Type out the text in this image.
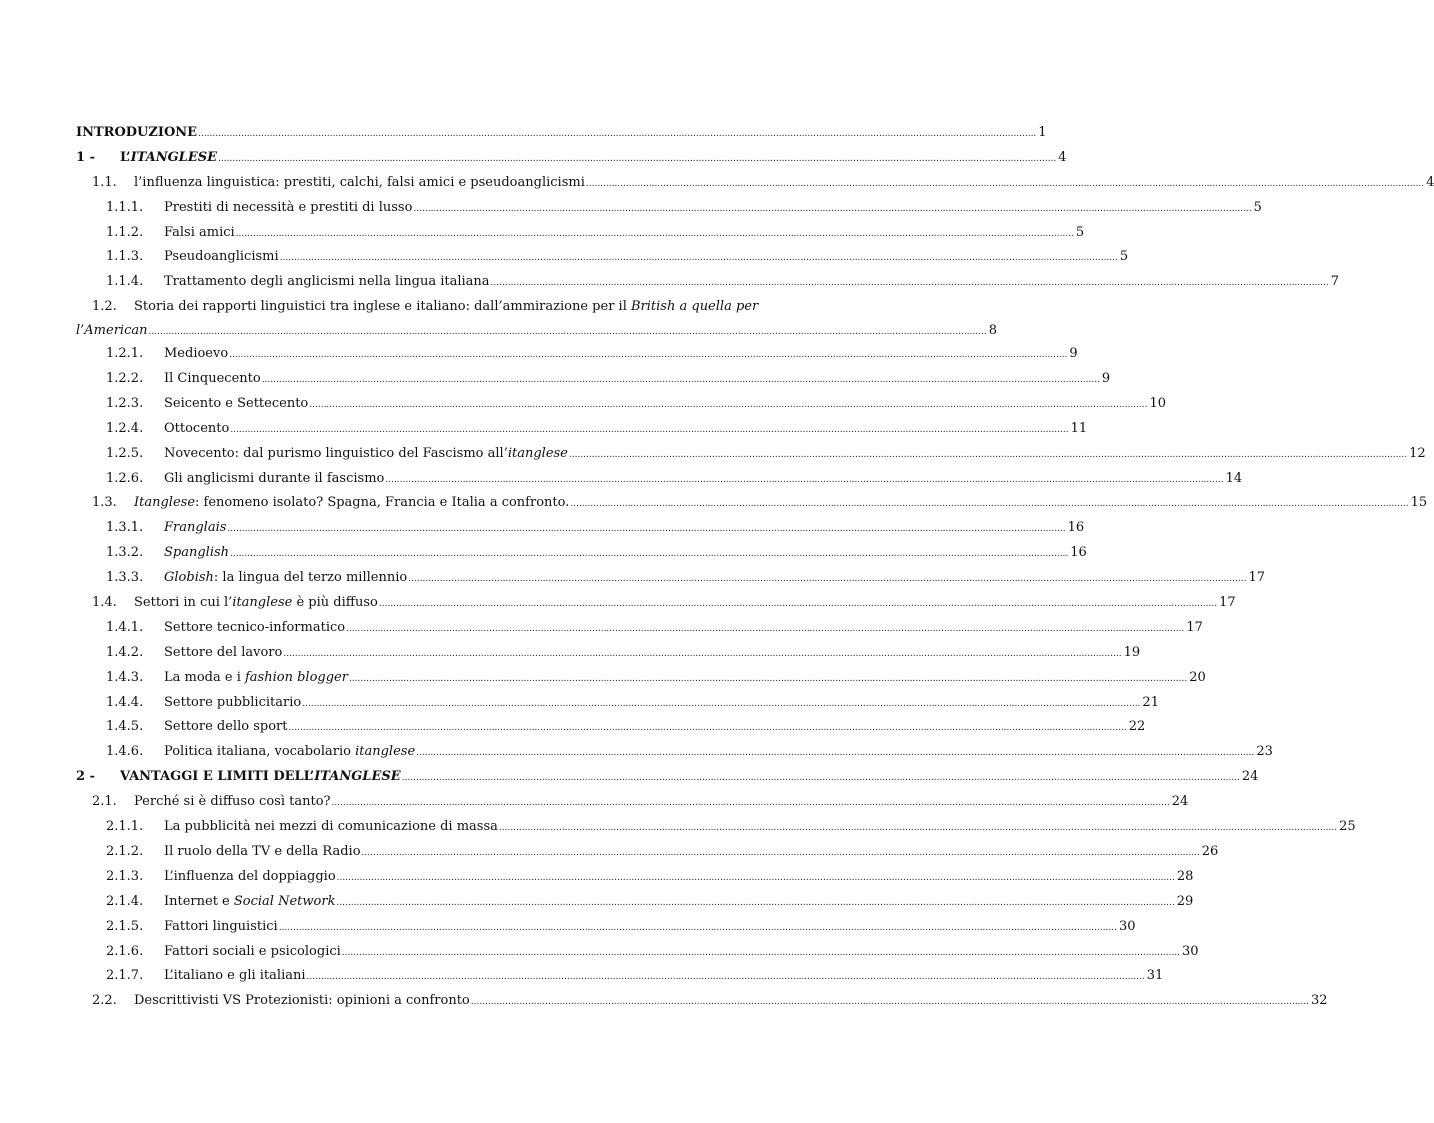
INTRODUZIONE .....	1
1 -	L’ITANGLESE .....	4
1.1.	l’influenza linguistica: prestiti, calchi, falsi amici e pseudoanglicismi .....	4
1.1.1.	Prestiti di necessità e prestiti di lusso .....	5
1.1.2.	Falsi amici .....	5
1.1.3.	Pseudoanglicismi .....	5
1.1.4.	Trattamento degli anglicismi nella lingua italiana .....	7
1.2.	Storia dei rapporti linguistici tra inglese e italiano: dall’ammirazione per il British a quella per
l’American .....	8
1.2.1.	Medioevo .....	9
1.2.2.	Il Cinquecento .....	9
1.2.3.	Seicento e Settecento .....	10
1.2.4.	Ottocento .....	11
1.2.5.	Novecento: dal purismo linguistico del Fascismo all’itanglese .....	12
1.2.6.	Gli anglicismi durante il fascismo .....	14
1.3.	Itanglese: fenomeno isolato? Spagna, Francia e Italia a confronto. .....	15
1.3.1.	Franglais .....	16
1.3.2.	Spanglish .....	16
1.3.3.	Globish: la lingua del terzo millennio .....	17
1.4.	Settori in cui l’itanglese è più diffuso .....	17
1.4.1.	Settore tecnico-informatico .....	17
1.4.2.	Settore del lavoro .....	19
1.4.3.	La moda e i fashion blogger .....	20
1.4.4.	Settore pubblicitario .....	21
1.4.5.	Settore dello sport .....	22
1.4.6.	Politica italiana, vocabolario itanglese .....	23
2 -	VANTAGGI E LIMITI DELL’ITANGLESE .....	24
2.1.	Perché si è diffuso così tanto? .....	24
2.1.1.	La pubblicità nei mezzi di comunicazione di massa .....	25
2.1.2.	Il ruolo della TV e della Radio .....	26
2.1.3.	L’influenza del doppiaggio .....	28
2.1.4.	Internet e Social Network .....	29
2.1.5.	Fattori linguistici .....	30
2.1.6.	Fattori sociali e psicologici .....	30
2.1.7.	L’italiano e gli italiani .....	31
2.2.	Descrittivisti VS Protezionisti: opinioni a confronto .....	32
